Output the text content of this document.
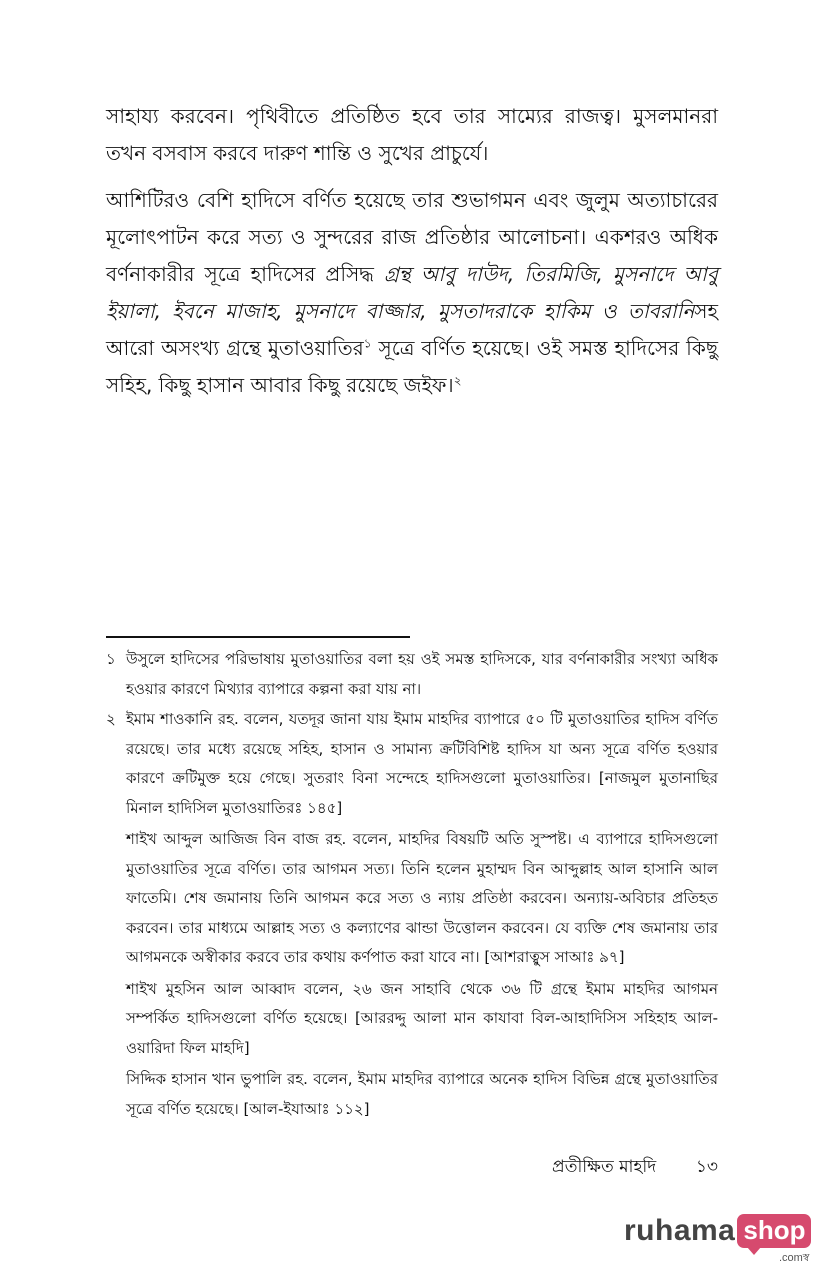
সাহায্য করবেন। পৃথিবীতে প্রতিষ্ঠিত হবে তার সাম্যের রাজত্ব। মুসলমানরা তখন বসবাস করবে দারুণ শান্তি ও সুখের প্রাচুর্যে।

আশিটিরও বেশি হাদিসে বর্ণিত হয়েছে তার শুভাগমন এবং জুলুম অত্যাচারের মূলোৎপাটন করে সত্য ও সুন্দরের রাজ প্রতিষ্ঠার আলোচনা। একশরও অধিক বর্ণনাকারীর সূত্রে হাদিসের প্রসিদ্ধ গ্রন্থ আবু দাউদ, তিরমিজি, মুসনাদে আবু ইয়ালা, ইবনে মাজাহ, মুসনাদে বাজ্জার, মুসতাদরাকে হাকিম ও তাবরানিসহ আরো অসংখ্য গ্রন্থে মুতাওয়াতির$^১$ সূত্রে বর্ণিত হয়েছে। ওই সমস্ত হাদিসের কিছু সহিহ, কিছু হাসান আবার কিছু রয়েছে জইফ।$^২$

১ উসুলে হাদিসের পরিভাষায় মুতাওয়াতির বলা হয় ওই সমস্ত হাদিসকে, যার বর্ণনাকারীর সংখ্যা অধিক হওয়ার কারণে মিথ্যার ব্যাপারে কল্পনা করা যায় না।

২ ইমাম শাওকানি রহ. বলেন, যতদূর জানা যায় ইমাম মাহদির ব্যাপারে ৫০ টি মুতাওয়াতির হাদিস বর্ণিত রয়েছে। তার মধ্যে রয়েছে সহিহ, হাসান ও সামান্য ক্রটিবিশিষ্ট হাদিস যা অন্য সূত্রে বর্ণিত হওয়ার কারণে ক্রটিমুক্ত হয়ে গেছে। সুতরাং বিনা সন্দেহে হাদিসগুলো মুতাওয়াতির। [নাজমুল মুতানাছির মিনাল হাদিসিল মুতাওয়াতিরঃ ১৪৫]

শাইখ আব্দুল আজিজ বিন বাজ রহ. বলেন, মাহদির বিষয়টি অতি সুস্পষ্ট। এ ব্যাপারে হাদিসগুলো মুতাওয়াতির সূত্রে বর্ণিত। তার আগমন সত্য। তিনি হলেন মুহাম্মদ বিন আব্দুল্লাহ আল হাসানি আল ফাতেমি। শেষ জমানায় তিনি আগমন করে সত্য ও ন্যায় প্রতিষ্ঠা করবেন। অন্যায়-অবিচার প্রতিহত করবেন। তার মাধ্যমে আল্লাহ সত্য ও কল্যাণের ঝান্ডা উত্তোলন করবেন। যে ব্যক্তি শেষ জমানায় তার আগমনকে অস্বীকার করবে তার কথায় কর্ণপাত করা যাবে না। [আশরাত্বুস সাআঃ ৯৭]

শাইখ মুহসিন আল আব্বাদ বলেন, ২৬ জন সাহাবি থেকে ৩৬ টি গ্রন্থে ইমাম মাহদির আগমন সম্পর্কিত হাদিসগুলো বর্ণিত হয়েছে। [আররদ্দু আলা মান কাযাবা বিল-আহাদিসিস সহিহাহ আল-ওয়ারিদা ফিল মাহদি]

সিদ্দিক হাসান খান ভুপালি রহ. বলেন, ইমাম মাহদির ব্যাপারে অনেক হাদিস বিভিন্ন গ্রন্থে মুতাওয়াতির সূত্রে বর্ণিত হয়েছে। [আল-ইযাআঃ ১১২]

প্রতীক্ষিত মাহদি ১৩
ruhama shop
.comস্ব
